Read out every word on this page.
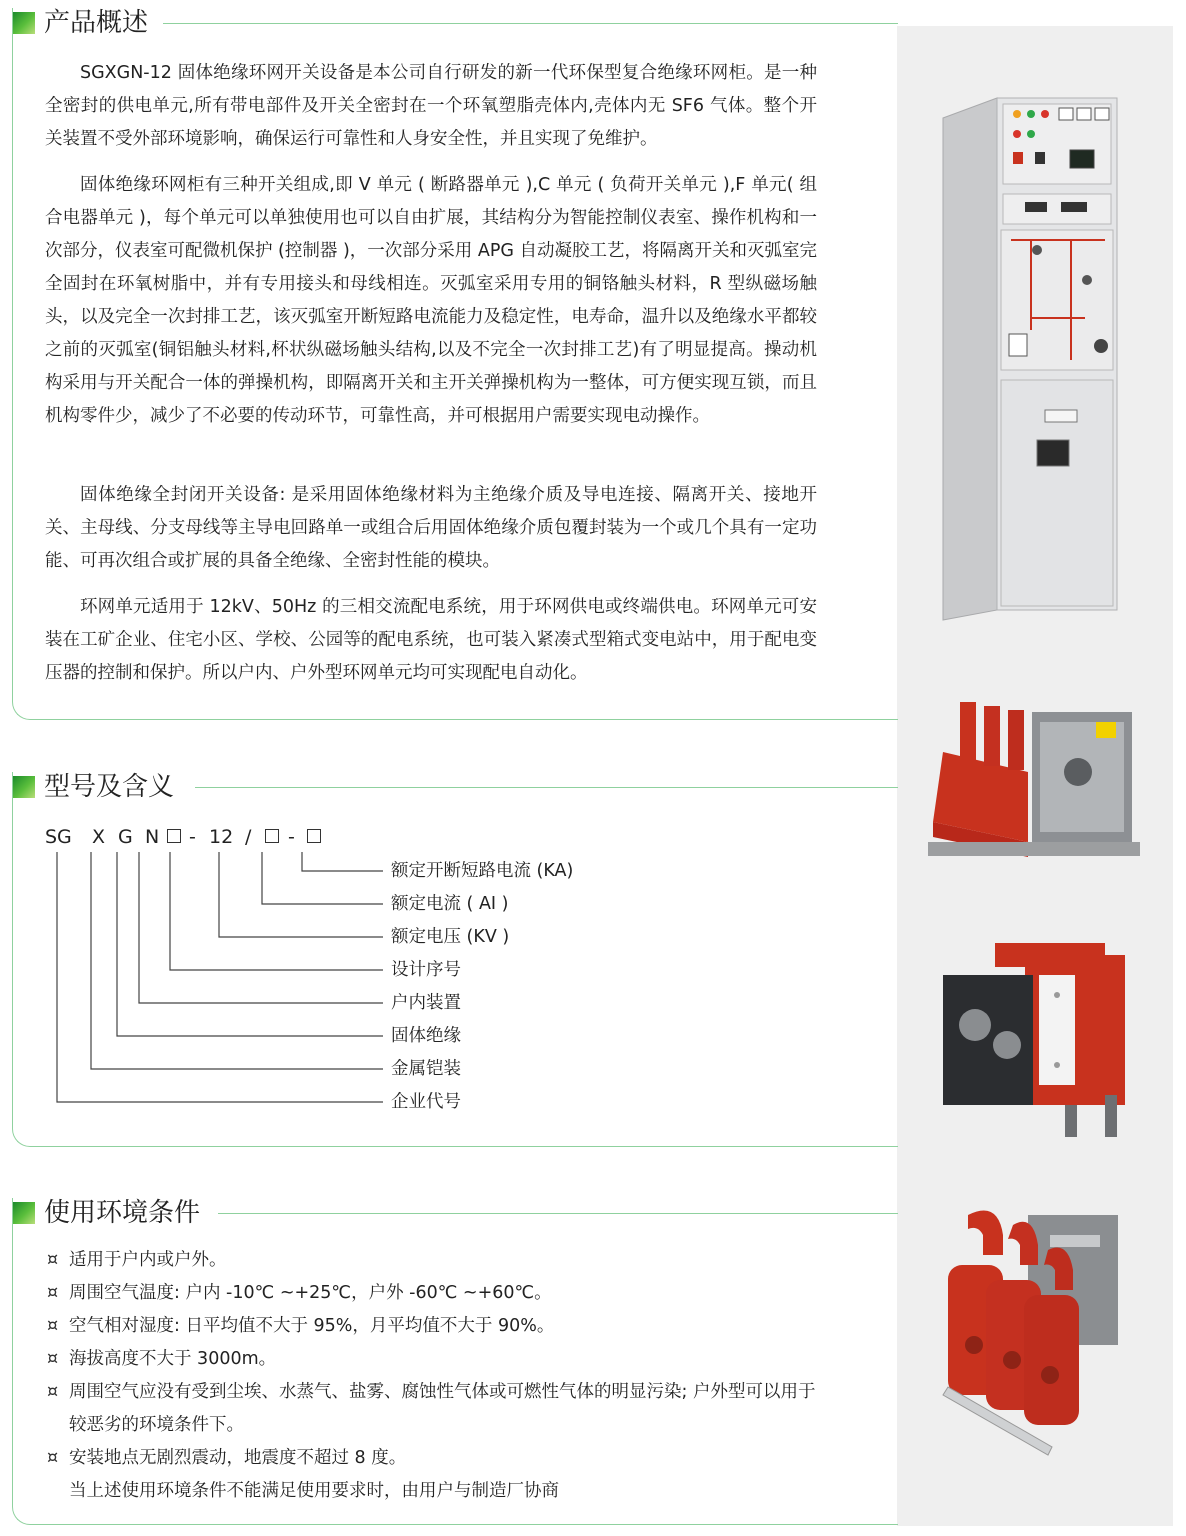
产品概述

SGXGN-12 固体绝缘环网开关设备是本公司自行研发的新一代环保型复合绝缘环网柜。是一种全密封的供电单元,所有带电部件及开关全密封在一个环氧塑脂壳体内,壳体内无 SF6 气体。整个开关装置不受外部环境影响，确保运行可靠性和人身安全性，并且实现了免维护。

固体绝缘环网柜有三种开关组成,即 V 单元 ( 断路器单元 ),C 单元 ( 负荷开关单元 ),F 单元( 组合电器单元 )，每个单元可以单独使用也可以自由扩展，其结构分为智能控制仪表室、操作机构和一次部分，仪表室可配微机保护 (控制器 )，一次部分采用 APG 自动凝胶工艺，将隔离开关和灭弧室完全固封在环氧树脂中，并有专用接头和母线相连。灭弧室采用专用的铜铬触头材料，R 型纵磁场触头，以及完全一次封排工艺，该灭弧室开断短路电流能力及稳定性，电寿命，温升以及绝缘水平都较之前的灭弧室(铜铝触头材料,杯状纵磁场触头结构,以及不完全一次封排工艺)有了明显提高。操动机构采用与开关配合一体的弹操机构，即隔离开关和主开关弹操机构为一整体，可方便实现互锁，而且机构零件少，减少了不必要的传动环节，可靠性高，并可根据用户需要实现电动操作。

固体绝缘全封闭开关设备: 是采用固体绝缘材料为主绝缘介质及导电连接、隔离开关、接地开关、主母线、分支母线等主导电回路单一或组合后用固体绝缘介质包覆封装为一个或几个具有一定功能、可再次组合或扩展的具备全绝缘、全密封性能的模块。

环网单元适用于 12kV、50Hz 的三相交流配电系统，用于环网供电或终端供电。环网单元可安装在工矿企业、住宅小区、学校、公园等的配电系统，也可装入紧凑式型箱式变电站中，用于配电变压器的控制和保护。所以户内、户外型环网单元均可实现配电自动化。

型号及含义
SG X G N - 12 / -
额定开断短路电流 (KA)
额定电流 ( AI )
额定电压 (KV )
设计序号
户内装置
固体绝缘
金属铠装
企业代号
使用环境条件
¤ 适用于户内或户外。
¤ 周围空气温度: 户内 -10℃ ~+25℃，户外 -60℃ ~+60℃。
¤ 空气相对湿度: 日平均值不大于 95%，月平均值不大于 90%。
¤ 海拔高度不大于 3000m。
¤ 周围空气应没有受到尘埃、水蒸气、盐雾、腐蚀性气体或可燃性气体的明显污染; 户外型可以用于
较恶劣的环境条件下。
¤ 安装地点无剧烈震动，地震度不超过 8 度。
当上述使用环境条件不能满足使用要求时，由用户与制造厂协商
